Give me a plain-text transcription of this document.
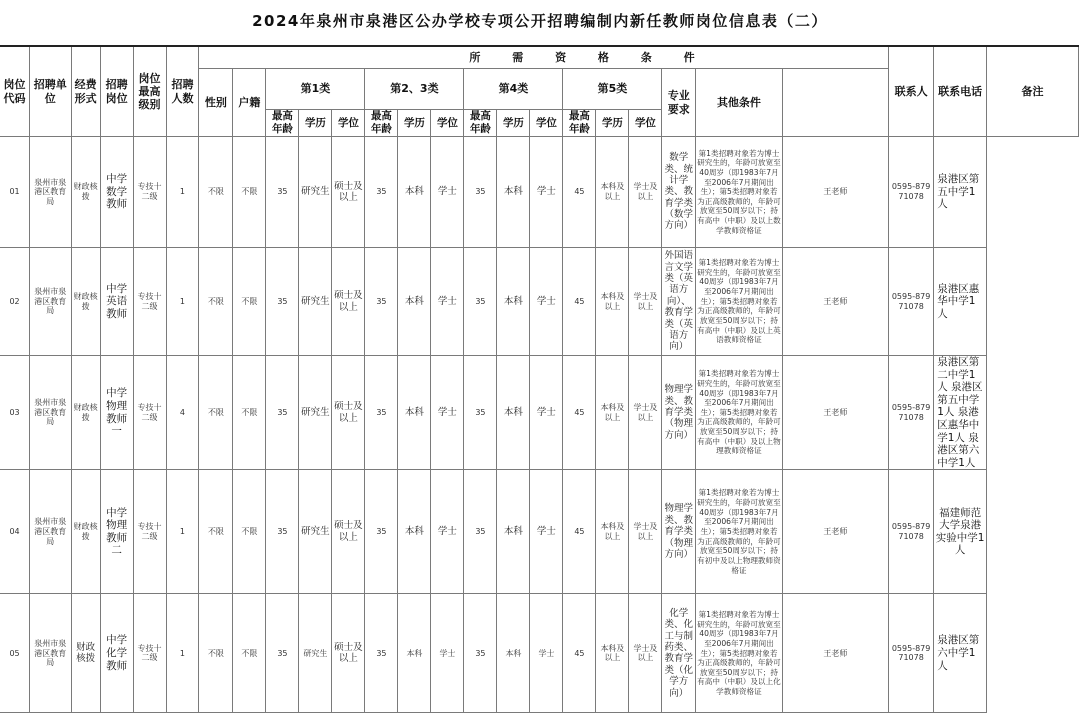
2024年泉州市泉港区公办学校专项公开招聘编制内新任教师岗位信息表（二）
岗位代码	招聘单位	经费形式	招聘岗位	岗位最高级别	招聘人数	所 需 资 格 条 件																	联系人	联系电话	备注
						性别	户籍	第1类			第2、3类			第4类			第5类			专业要求	其他条件				
								最高年龄	学历	学位	最高年龄	学历	学位	最高年龄	学历	学位	最高年龄	学历	学位						
01	泉州市泉港区教育局	财政核拨	中学数学教师	专技十二级	1	不限	不限	35	研究生	硕士及以上	35	本科	学士	35	本科	学士	45	本科及以上	学士及以上	数学类、统计学类、教育学类（数学方向）	第1类招聘对象若为博士研究生的，年龄可放宽至40周岁（即1983年7月至2006年7月期间出生）；第5类招聘对象若为正高级教师的，年龄可放宽至50周岁以下；持有高中（中职）及以上数学教师资格证	王老师	0595-87971078	泉港区第五中学1人	
02	泉州市泉港区教育局	财政核拨	中学英语教师	专技十二级	1	不限	不限	35	研究生	硕士及以上	35	本科	学士	35	本科	学士	45	本科及以上	学士及以上	外国语言文学类（英语方向）、教育学类（英语方向）	第1类招聘对象若为博士研究生的，年龄可放宽至40周岁（即1983年7月至2006年7月期间出生）；第5类招聘对象若为正高级教师的，年龄可放宽至50周岁以下；持有高中（中职）及以上英语教师资格证	王老师	0595-87971078	泉港区惠华中学1人	
03	泉州市泉港区教育局	财政核拨	中学物理教师一	专技十二级	4	不限	不限	35	研究生	硕士及以上	35	本科	学士	35	本科	学士	45	本科及以上	学士及以上	物理学类、教育学类（物理方向）	第1类招聘对象若为博士研究生的，年龄可放宽至40周岁（即1983年7月至2006年7月期间出生）；第5类招聘对象若为正高级教师的，年龄可放宽至50周岁以下；持有高中（中职）及以上物理教师资格证	王老师	0595-87971078	泉港区第二中学1人 泉港区第五中学1人 泉港区惠华中学1人 泉港区第六中学1人	
04	泉州市泉港区教育局	财政核拨	中学物理教师二	专技十二级	1	不限	不限	35	研究生	硕士及以上	35	本科	学士	35	本科	学士	45	本科及以上	学士及以上	物理学类、教育学类（物理方向）	第1类招聘对象若为博士研究生的，年龄可放宽至40周岁（即1983年7月至2006年7月期间出生）；第5类招聘对象若为正高级教师的，年龄可放宽至50周岁以下；持有初中及以上物理教师资格证	王老师	0595-87971078	福建师范大学泉港实验中学1人	
05	泉州市泉港区教育局	财政核拨	中学化学教师	专技十二级	1	不限	不限	35	研究生	硕士及以上	35	本科	学士	35	本科	学士	45	本科及以上	学士及以上	化学类、化工与制药类、教育学类（化学方向）	第1类招聘对象若为博士研究生的，年龄可放宽至40周岁（即1983年7月至2006年7月期间出生）；第5类招聘对象若为正高级教师的，年龄可放宽至50周岁以下；持有高中（中职）及以上化学教师资格证	王老师	0595-87971078	泉港区第六中学1人	
